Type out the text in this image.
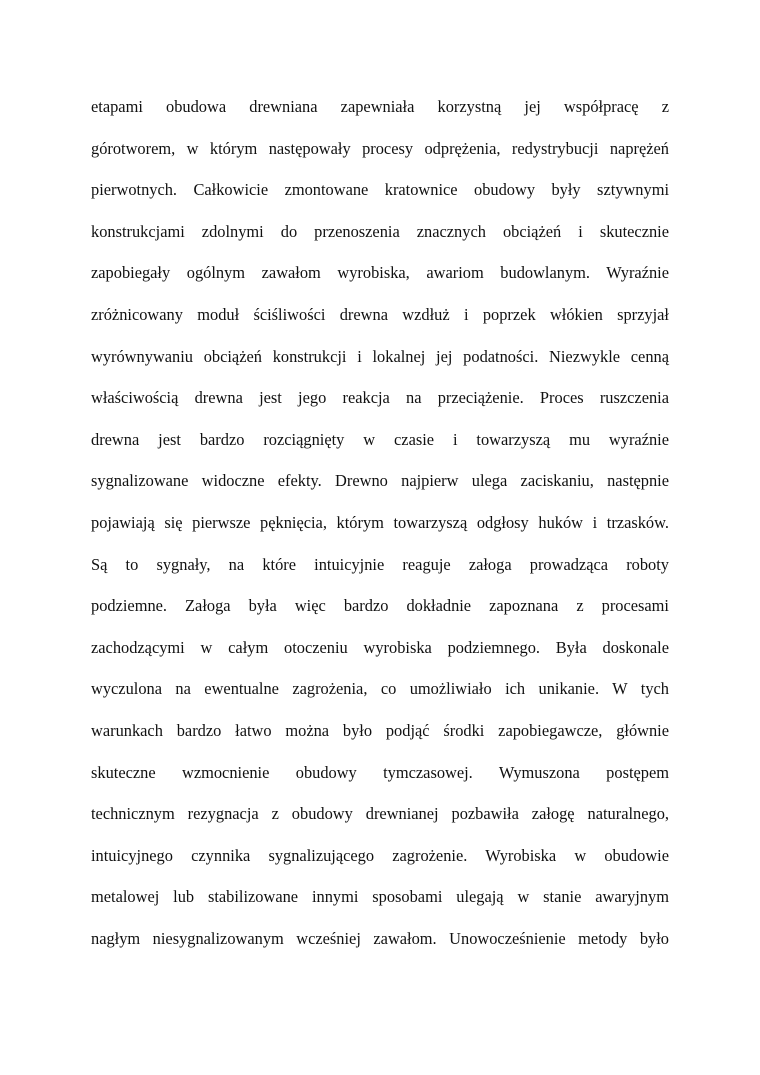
etapami obudowa drewniana zapewniała korzystną jej współpracę z
górotworem, w którym następowały procesy odprężenia, redystrybucji naprężeń
pierwotnych. Całkowicie zmontowane kratownice obudowy były sztywnymi
konstrukcjami zdolnymi do przenoszenia znacznych obciążeń i skutecznie
zapobiegały ogólnym zawałom wyrobiska, awariom budowlanym. Wyraźnie
zróżnicowany moduł ściśliwości drewna wzdłuż i poprzek włókien sprzyjał
wyrównywaniu obciążeń konstrukcji i lokalnej jej podatności. Niezwykle cenną
właściwością drewna jest jego reakcja na przeciążenie. Proces ruszczenia
drewna jest bardzo rozciągnięty w czasie i towarzyszą mu wyraźnie
sygnalizowane widoczne efekty. Drewno najpierw ulega zaciskaniu, następnie
pojawiają się pierwsze pęknięcia, którym towarzyszą odgłosy huków i trzasków.
Są to sygnały, na które intuicyjnie reaguje załoga prowadząca roboty
podziemne. Załoga była więc bardzo dokładnie zapoznana z procesami
zachodzącymi w całym otoczeniu wyrobiska podziemnego. Była doskonale
wyczulona na ewentualne zagrożenia, co umożliwiało ich unikanie. W tych
warunkach bardzo łatwo można było podjąć środki zapobiegawcze, głównie
skuteczne wzmocnienie obudowy tymczasowej. Wymuszona postępem
technicznym rezygnacja z obudowy drewnianej pozbawiła załogę naturalnego,
intuicyjnego czynnika sygnalizującego zagrożenie. Wyrobiska w obudowie
metalowej lub stabilizowane innymi sposobami ulegają w stanie awaryjnym
nagłym niesygnalizowanym wcześniej zawałom. Unowocześnienie metody było
